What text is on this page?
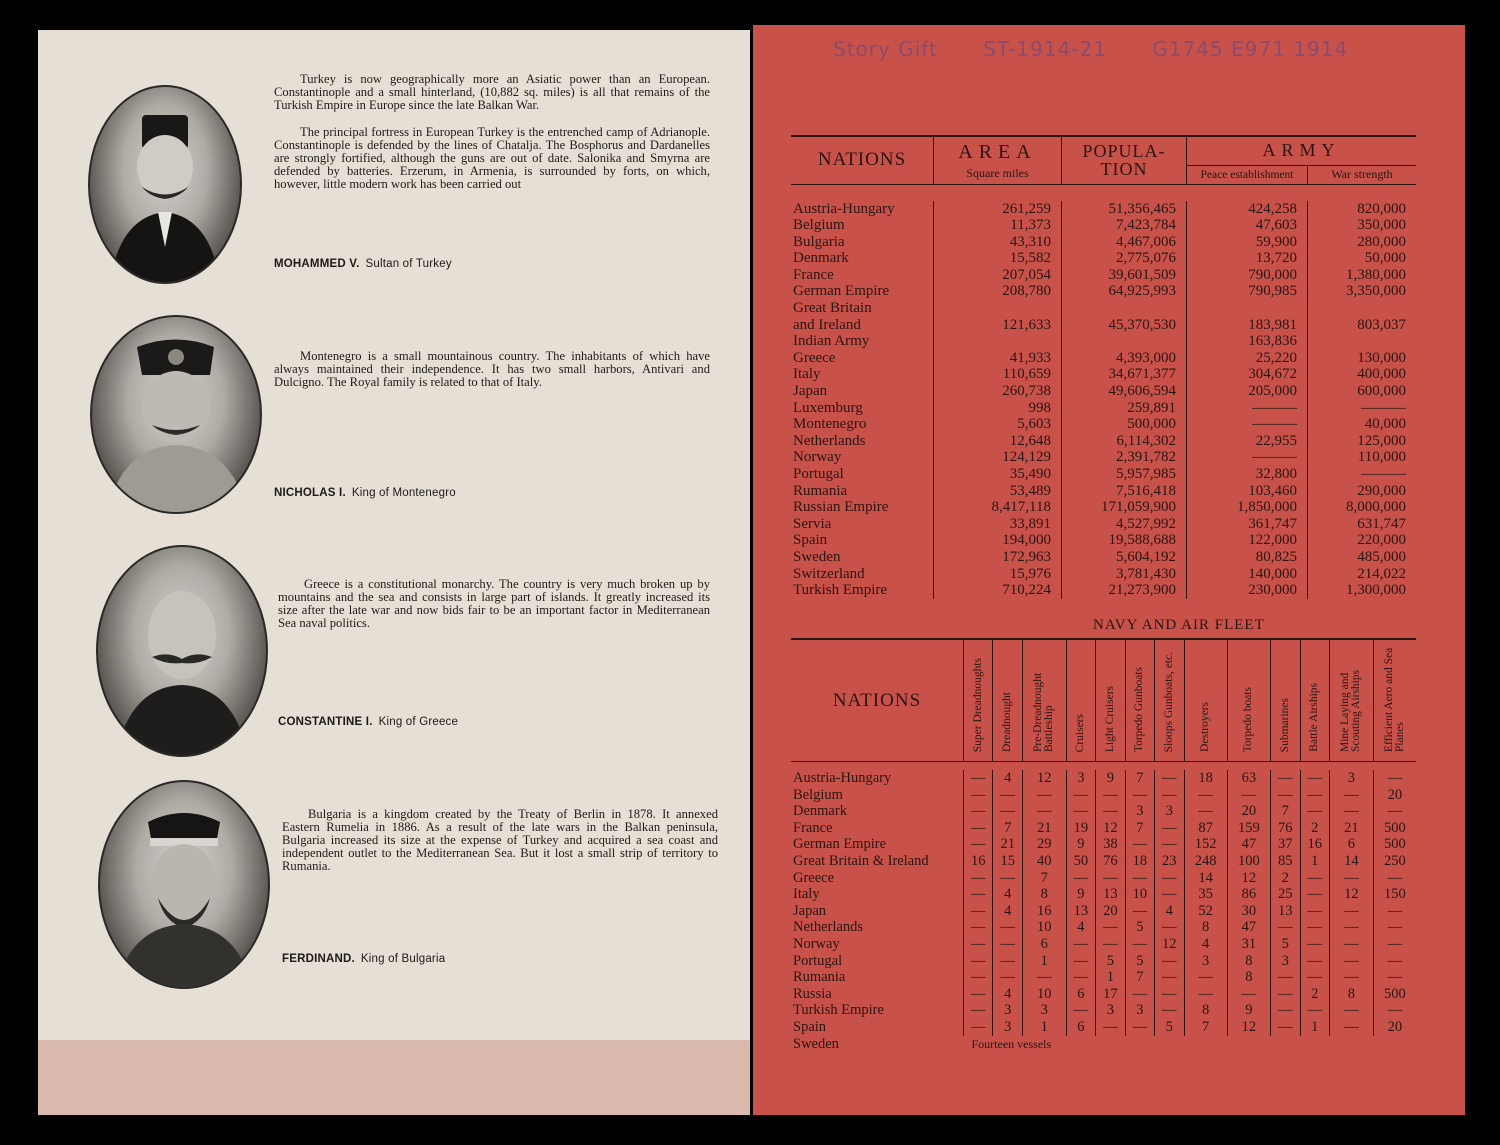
Turkey is now geographically more an Asiatic power than an European. Constantinople and a small hinterland, (10,882 sq. miles) is all that remains of the Turkish Empire in Europe since the late Balkan War.
The principal fortress in European Turkey is the entrenched camp of Adrianople. Constantinople is defended by the lines of Chatalja. The Bosphorus and Dardanelles are strongly fortified, although the guns are out of date. Salonika and Smyrna are defended by batteries. Erzerum, in Armenia, is surrounded by forts, on which, however, little modern work has been carried out
MOHAMMED V. Sultan of Turkey
Montenegro is a small mountainous country. The inhabitants of which have always maintained their independence. It has two small harbors, Antivari and Dulcigno. The Royal family is related to that of Italy.
NICHOLAS I. King of Montenegro
Greece is a constitutional monarchy. The country is very much broken up by mountains and the sea and consists in large part of islands. It greatly increased its size after the late war and now bids fair to be an important factor in Mediterranean Sea naval politics.
CONSTANTINE I. King of Greece
Bulgaria is a kingdom created by the Treaty of Berlin in 1878. It annexed Eastern Rumelia in 1886. As a result of the late wars in the Balkan peninsula, Bulgaria increased its size at the expense of Turkey and acquired a sea coast and independent outlet to the Mediterranean Sea. But it lost a small strip of territory to Rumania.
FERDINAND. King of Bulgaria
Story Gift ST-1914-21 G1745 E971 1914
NATIONS	AREA	POPULA-TION	ARMY	
	Square miles		Peace establishment	War strength

Austria-Hungary	261,259	51,356,465	424,258	820,000
Belgium	11,373	7,423,784	47,603	350,000
Bulgaria	43,310	4,467,006	59,900	280,000
Denmark	15,582	2,775,076	13,720	50,000
France	207,054	39,601,509	790,000	1,380,000
German Empire	208,780	64,925,993	790,985	3,350,000
Great Britain				
and Ireland	121,633	45,370,530	183,981	803,037
Indian Army			163,836	
Greece	41,933	4,393,000	25,220	130,000
Italy	110,659	34,671,377	304,672	400,000
Japan	260,738	49,606,594	205,000	600,000
Luxemburg	998	259,891	———	———
Montenegro	5,603	500,000	———	40,000
Netherlands	12,648	6,114,302	22,955	125,000
Norway	124,129	2,391,782	———	110,000
Portugal	35,490	5,957,985	32,800	———
Rumania	53,489	7,516,418	103,460	290,000
Russian Empire	8,417,118	171,059,900	1,850,000	8,000,000
Servia	33,891	4,527,992	361,747	631,747
Spain	194,000	19,588,688	122,000	220,000
Sweden	172,963	5,604,192	80,825	485,000
Switzerland	15,976	3,781,430	140,000	214,022
Turkish Empire	710,224	21,273,900	230,000	1,300,000
NAVY AND AIR FLEET
NATIONS	Super Dreadnoughts	Dreadnought	Pre-Dreadnought Battleship	Cruisers	Light Cruisers	Torpedo Gunboats	Sloops Gunboats, etc.	Destroyers	Torpedo boats	Submarines	Battle Airships	Mine Laying and Scouting Airships	Efficient Aero and Sea Planes

Austria-Hungary	—	4	12	3	9	7	—	18	63	—	—	3	—
Belgium	—	—	—	—	—	—	—	—	—	—	—	—	20
Denmark	—	—	—	—	—	3	3	—	20	7	—	—	—
France	—	7	21	19	12	7	—	87	159	76	2	21	500
German Empire	—	21	29	9	38	—	—	152	47	37	16	6	500
Great Britain & Ireland	16	15	40	50	76	18	23	248	100	85	1	14	250
Greece	—	—	7	—	—	—	—	14	12	2	—	—	—
Italy	—	4	8	9	13	10	—	35	86	25	—	12	150
Japan	—	4	16	13	20	—	4	52	30	13	—	—	—
Netherlands	—	—	10	4	—	5	—	8	47	—	—	—	—
Norway	—	—	6	—	—	—	12	4	31	5	—	—	—
Portugal	—	—	1	—	5	5	—	3	8	3	—	—	—
Rumania	—	—	—	—	1	7	—	—	8	—	—	—	—
Russia	—	4	10	6	17	—	—	—	—	—	2	8	500
Turkish Empire	—	3	3	—	3	3	—	8	9	—	—	—	—
Spain	—	3	1	6	—	—	5	7	12	—	1	—	20
Sweden	Fourteen vessels												
